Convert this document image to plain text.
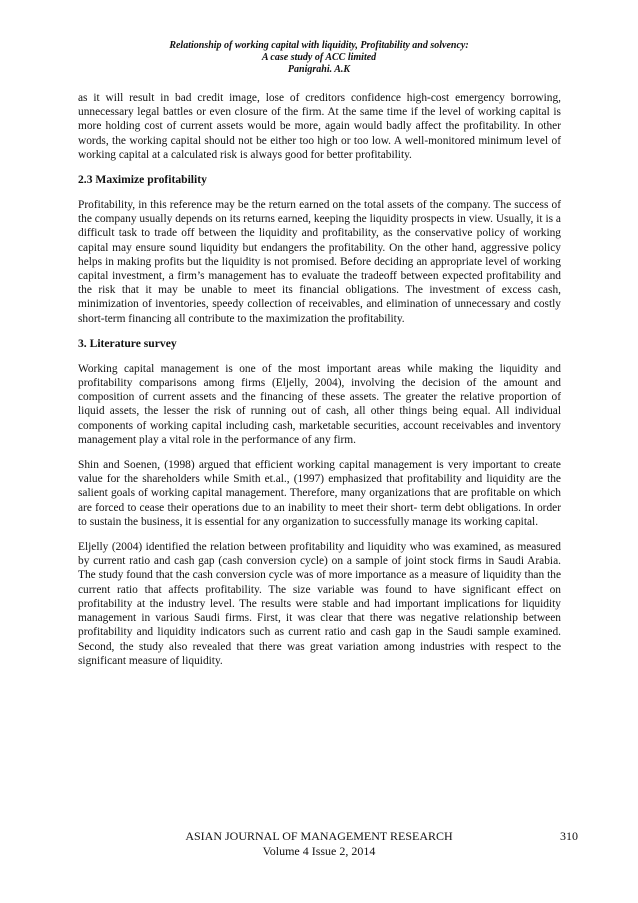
Relationship of working capital with liquidity, Profitability and solvency:
A case study of ACC limited
Panigrahi. A.K

as it will result in bad credit image, lose of creditors confidence high-cost emergency borrowing, unnecessary legal battles or even closure of the firm. At the same time if the level of working capital is more holding cost of current assets would be more, again would badly affect the profitability. In other words, the working capital should not be either too high or too low. A well-monitored minimum level of working capital at a calculated risk is always good for better profitability.

2.3 Maximize profitability

Profitability, in this reference may be the return earned on the total assets of the company. The success of the company usually depends on its returns earned, keeping the liquidity prospects in view. Usually, it is a difficult task to trade off between the liquidity and profitability, as the conservative policy of working capital may ensure sound liquidity but endangers the profitability. On the other hand, aggressive policy helps in making profits but the liquidity is not promised. Before deciding an appropriate level of working capital investment, a firm’s management has to evaluate the tradeoff between expected profitability and the risk that it may be unable to meet its financial obligations. The investment of excess cash, minimization of inventories, speedy collection of receivables, and elimination of unnecessary and costly short-term financing all contribute to the maximization the profitability.

3. Literature survey

Working capital management is one of the most important areas while making the liquidity and profitability comparisons among firms (Eljelly, 2004), involving the decision of the amount and composition of current assets and the financing of these assets. The greater the relative proportion of liquid assets, the lesser the risk of running out of cash, all other things being equal. All individual components of working capital including cash, marketable securities, account receivables and inventory management play a vital role in the performance of any firm.

Shin and Soenen, (1998) argued that efficient working capital management is very important to create value for the shareholders while Smith et.al., (1997) emphasized that profitability and liquidity are the salient goals of working capital management. Therefore, many organizations that are profitable on which are forced to cease their operations due to an inability to meet their short- term debt obligations. In order to sustain the business, it is essential for any organization to successfully manage its working capital.

Eljelly (2004) identified the relation between profitability and liquidity who was examined, as measured by current ratio and cash gap (cash conversion cycle) on a sample of joint stock firms in Saudi Arabia. The study found that the cash conversion cycle was of more importance as a measure of liquidity than the current ratio that affects profitability. The size variable was found to have significant effect on profitability at the industry level. The results were stable and had important implications for liquidity management in various Saudi firms. First, it was clear that there was negative relationship between profitability and liquidity indicators such as current ratio and cash gap in the Saudi sample examined. Second, the study also revealed that there was great variation among industries with respect to the significant measure of liquidity.

ASIAN JOURNAL OF MANAGEMENT RESEARCH
Volume 4 Issue 2, 2014
310
